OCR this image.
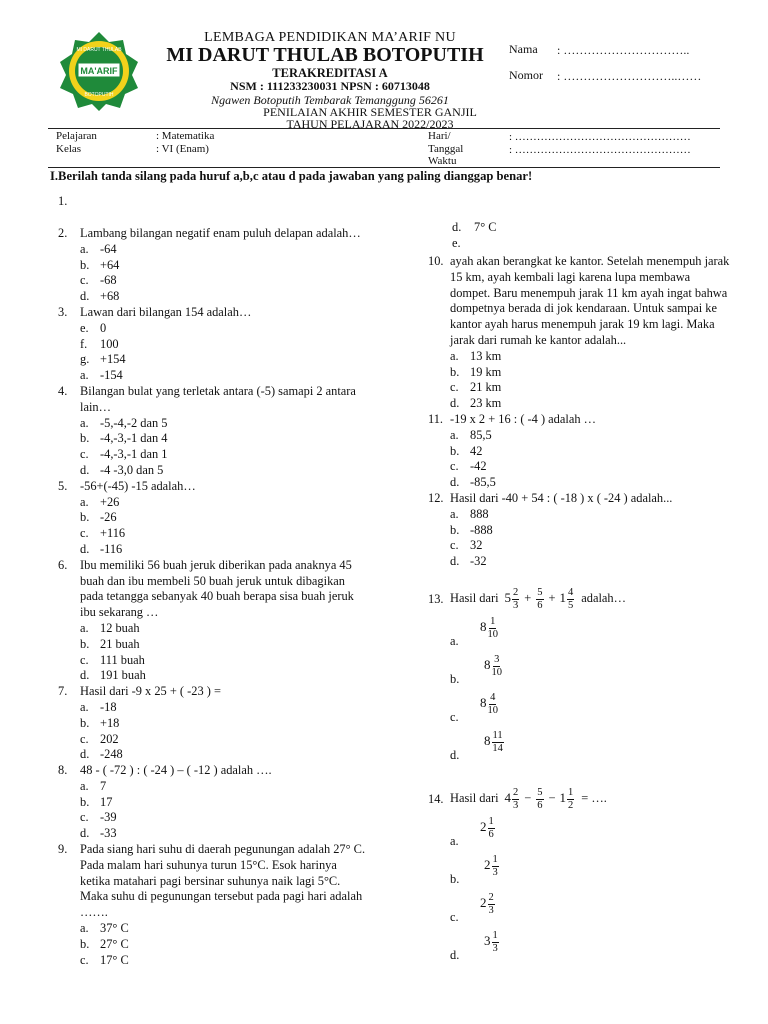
MA'ARIF
MI DARUT THULAB
BOTOPUTIH
LEMBAGA PENDIDIKAN MA’ARIF NU
MI DARUT THULAB BOTOPUTIH
TERAKREDITASI A
NSM : 111233230031 NPSN : 60713048
Ngawen Botoputih Tembarak Temanggung 56261
Nama : …………………………..
Nomor : ………………………..……
PENILAIAN AKHIR SEMESTER GANJIL
TAHUN PELAJARAN 2022/2023
Pelajaran	: Matematika
Kelas	: VI (Enam)
Hari/
Tanggal
Waktu
: …………………………………………
: …………………………………………
I.Berilah tanda silang pada huruf a,b,c atau d pada jawaban yang paling dianggap benar!
1.
2. Lambang bilangan negatif enam puluh delapan adalah…
a. -64
b. +64
c. -68
d. +68
3. Lawan dari bilangan 154 adalah…
e. 0
f. 100
g. +154
a. -154
4. Bilangan bulat yang terletak antara (-5) samapi 2 antara lain…
a. -5,-4,-2 dan 5
b. -4,-3,-1 dan 4
c. -4,-3,-1 dan 1
d. -4 -3,0 dan 5
5. -56+(-45) -15 adalah…
a. +26
b. -26
c. +116
d. -116
6. Ibu memiliki 56 buah jeruk diberikan pada anaknya 45 buah dan ibu membeli 50 buah jeruk untuk dibagikan pada tetangga sebanyak 40 buah berapa sisa buah jeruk ibu sekarang …
a. 12 buah
b. 21 buah
c. 111 buah
d. 191 buah
7. Hasil dari -9 x 25 + ( -23 ) =
a. -18
b. +18
c. 202
d. -248
8. 48 - ( -72 ) : ( -24 ) – ( -12 ) adalah ….
a. 7
b. 17
c. -39
d. -33
9. Pada siang hari suhu di daerah pegunungan adalah 27° C. Pada malam hari suhunya turun 15°C. Esok harinya ketika matahari pagi bersinar suhunya naik lagi 5°C. Maka suhu di pegunungan tersebut pada pagi hari adalah …….
a. 37° C
b. 27° C
c. 17° C
d. 7° C
e.
10. ayah akan berangkat ke kantor. Setelah menempuh jarak 15 km, ayah kembali lagi karena lupa membawa dompet. Baru menempuh jarak 11 km ayah ingat bahwa dompetnya berada di jok kendaraan. Untuk sampai ke kantor ayah harus menempuh jarak 19 km lagi. Maka jarak dari rumah ke kantor adalah...
a. 13 km
b. 19 km
c. 21 km
d. 23 km
11. -19 x 2 + 16 : ( -4 ) adalah …
a. 85,5
b. 42
c. -42
d. -85,5
12. Hasil dari -40 + 54 : ( -18 ) x ( -24 ) adalah...
a. 888
b. -888
c. 32
d. -32
13. Hasil dari $5 \frac{2}{3} + \frac{5}{6} + 1 \frac{4}{5}$ adalah…
a.
$8 \frac{1}{10}$
b.
$8 \frac{3}{10}$
c.
$8 \frac{4}{10}$
d.
$8 \frac{11}{14}$
14. Hasil dari $4 \frac{2}{3} - \frac{5}{6} - 1 \frac{1}{2}$ = ….
a.
$2 \frac{1}{6}$
b.
$2 \frac{1}{3}$
c.
$2 \frac{2}{3}$
d.
$3 \frac{1}{3}$
